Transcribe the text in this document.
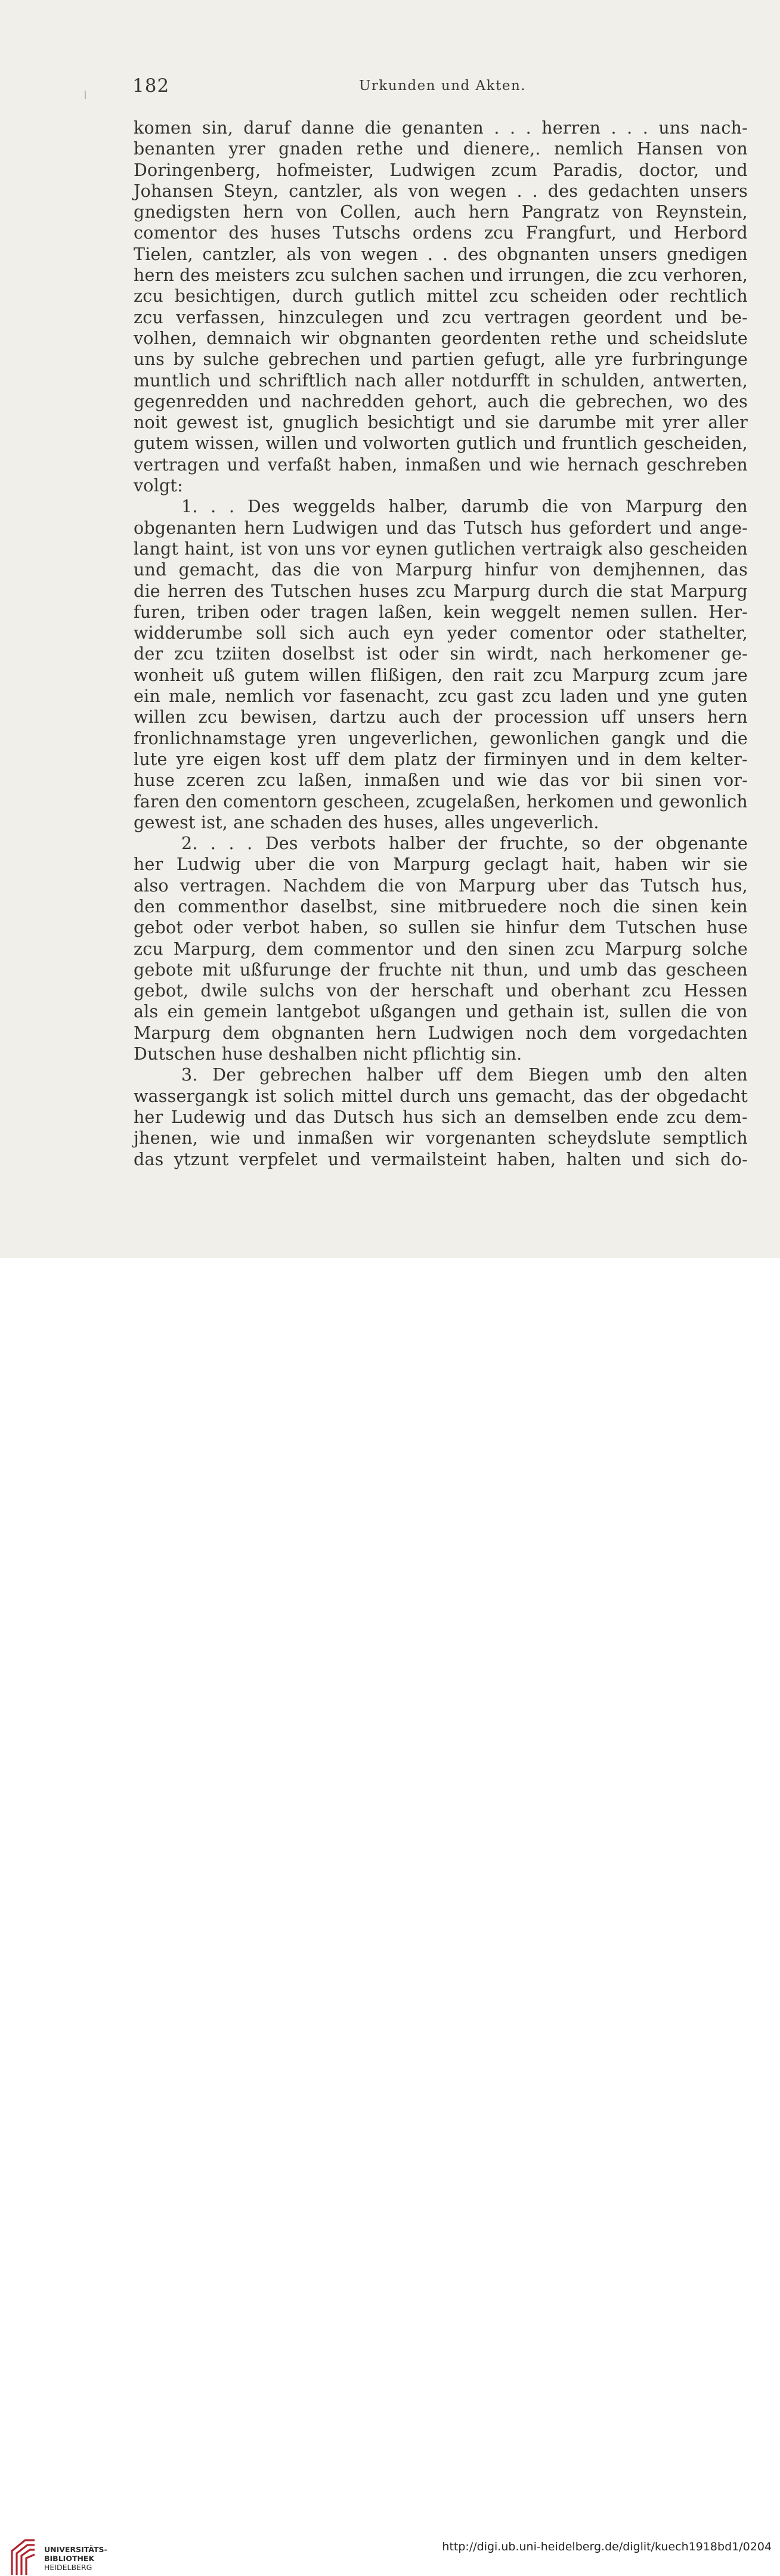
182	Urkunden und Akten.
komen sin, daruf danne die genanten . . . herren . . . uns nach-
benanten yrer gnaden rethe und dienere,. nemlich Hansen von
Doringenberg, hofmeister, Ludwigen zcum Paradis, doctor, und
Johansen Steyn, cantzler, als von wegen . . des gedachten unsers
gnedigsten hern von Collen, auch hern Pangratz von Reynstein,
comentor des huses Tutschs ordens zcu Frangfurt, und Herbord
Tielen, cantzler, als von wegen . . des obgnanten unsers gnedigen
hern des meisters zcu sulchen sachen und irrungen, die zcu verhoren,
zcu besichtigen, durch gutlich mittel zcu scheiden oder rechtlich
zcu verfassen, hinzculegen und zcu vertragen geordent und be-
volhen, demnaich wir obgnanten geordenten rethe und scheidslute
uns by sulche gebrechen und partien gefugt, alle yre furbringunge
muntlich und schriftlich nach aller notdurfft in schulden, antwerten,
gegenredden und nachredden gehort, auch die gebrechen, wo des
noit gewest ist, gnuglich besichtigt und sie darumbe mit yrer aller
gutem wissen, willen und volworten gutlich und fruntlich gescheiden,
vertragen und verfaßt haben, inmaßen und wie hernach geschreben
volgt:
1. . . Des weggelds halber, darumb die von Marpurg den
obgenanten hern Ludwigen und das Tutsch hus gefordert und ange-
langt haint, ist von uns vor eynen gutlichen vertraigk also gescheiden
und gemacht, das die von Marpurg hinfur von demjhennen, das
die herren des Tutschen huses zcu Marpurg durch die stat Marpurg
furen, triben oder tragen laßen, kein weggelt nemen sullen. Her-
widderumbe soll sich auch eyn yeder comentor oder stathelter,
der zcu tziiten doselbst ist oder sin wirdt, nach herkomener ge-
wonheit uß gutem willen flißigen, den rait zcu Marpurg zcum jare
ein male, nemlich vor fasenacht, zcu gast zcu laden und yne guten
willen zcu bewisen, dartzu auch der procession uff unsers hern
fronlichnamstage yren ungeverlichen, gewonlichen gangk und die
lute yre eigen kost uff dem platz der firminyen und in dem kelter-
huse zceren zcu laßen, inmaßen und wie das vor bii sinen vor-
faren den comentorn gescheen, zcugelaßen, herkomen und gewonlich
gewest ist, ane schaden des huses, alles ungeverlich.
2. . . . Des verbots halber der fruchte, so der obgenante
her Ludwig uber die von Marpurg geclagt hait, haben wir sie
also vertragen. Nachdem die von Marpurg uber das Tutsch hus,
den commenthor daselbst, sine mitbruedere noch die sinen kein
gebot oder verbot haben, so sullen sie hinfur dem Tutschen huse
zcu Marpurg, dem commentor und den sinen zcu Marpurg solche
gebote mit ußfurunge der fruchte nit thun, und umb das gescheen
gebot, dwile sulchs von der herschaft und oberhant zcu Hessen
als ein gemein lantgebot ußgangen und gethain ist, sullen die von
Marpurg dem obgnanten hern Ludwigen noch dem vorgedachten
Dutschen huse deshalben nicht pflichtig sin.
3. Der gebrechen halber uff dem Biegen umb den alten
wassergangk ist solich mittel durch uns gemacht, das der obgedacht
her Ludewig und das Dutsch hus sich an demselben ende zcu dem-
jhenen, wie und inmaßen wir vorgenanten scheydslute semptlich
das ytzunt verpfelet und vermailsteint haben, halten und sich do-
UNIVERSITÄTS-
BIBLIOTHEK
HEIDELBERG
http://digi.ub.uni-heidelberg.de/diglit/kuech1918bd1/0204
